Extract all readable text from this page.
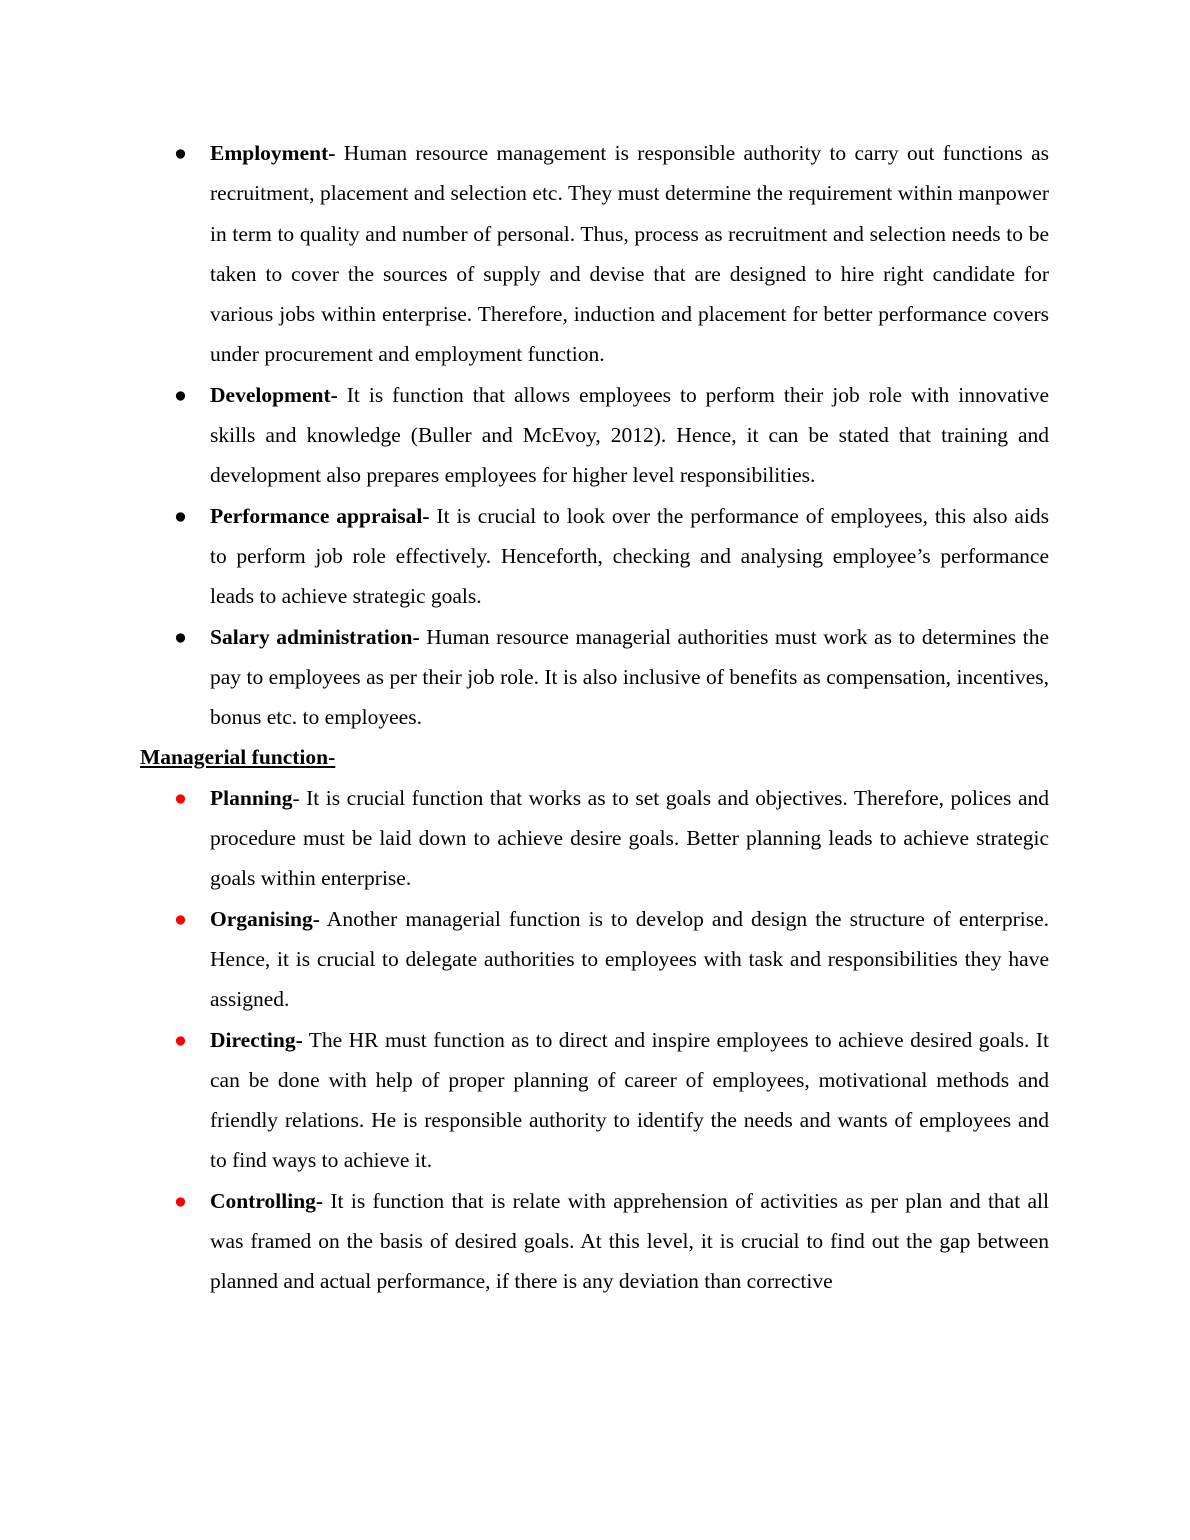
● Employment- Human resource management is responsible authority to carry out functions as recruitment, placement and selection etc. They must determine the requirement within manpower in term to quality and number of personal. Thus, process as recruitment and selection needs to be taken to cover the sources of supply and devise that are designed to hire right candidate for various jobs within enterprise. Therefore, induction and placement for better performance covers under procurement and employment function.
● Development- It is function that allows employees to perform their job role with innovative skills and knowledge (Buller and McEvoy, 2012). Hence, it can be stated that training and development also prepares employees for higher level responsibilities.
● Performance appraisal- It is crucial to look over the performance of employees, this also aids to perform job role effectively. Henceforth, checking and analysing employee’s performance leads to achieve strategic goals.
● Salary administration- Human resource managerial authorities must work as to determines the pay to employees as per their job role. It is also inclusive of benefits as compensation, incentives, bonus etc. to employees.

Managerial function-

● Planning- It is crucial function that works as to set goals and objectives. Therefore, polices and procedure must be laid down to achieve desire goals. Better planning leads to achieve strategic goals within enterprise.
● Organising- Another managerial function is to develop and design the structure of enterprise. Hence, it is crucial to delegate authorities to employees with task and responsibilities they have assigned.
● Directing- The HR must function as to direct and inspire employees to achieve desired goals. It can be done with help of proper planning of career of employees, motivational methods and friendly relations. He is responsible authority to identify the needs and wants of employees and to find ways to achieve it.
● Controlling- It is function that is relate with apprehension of activities as per plan and that all was framed on the basis of desired goals. At this level, it is crucial to find out the gap between planned and actual performance, if there is any deviation than corrective
